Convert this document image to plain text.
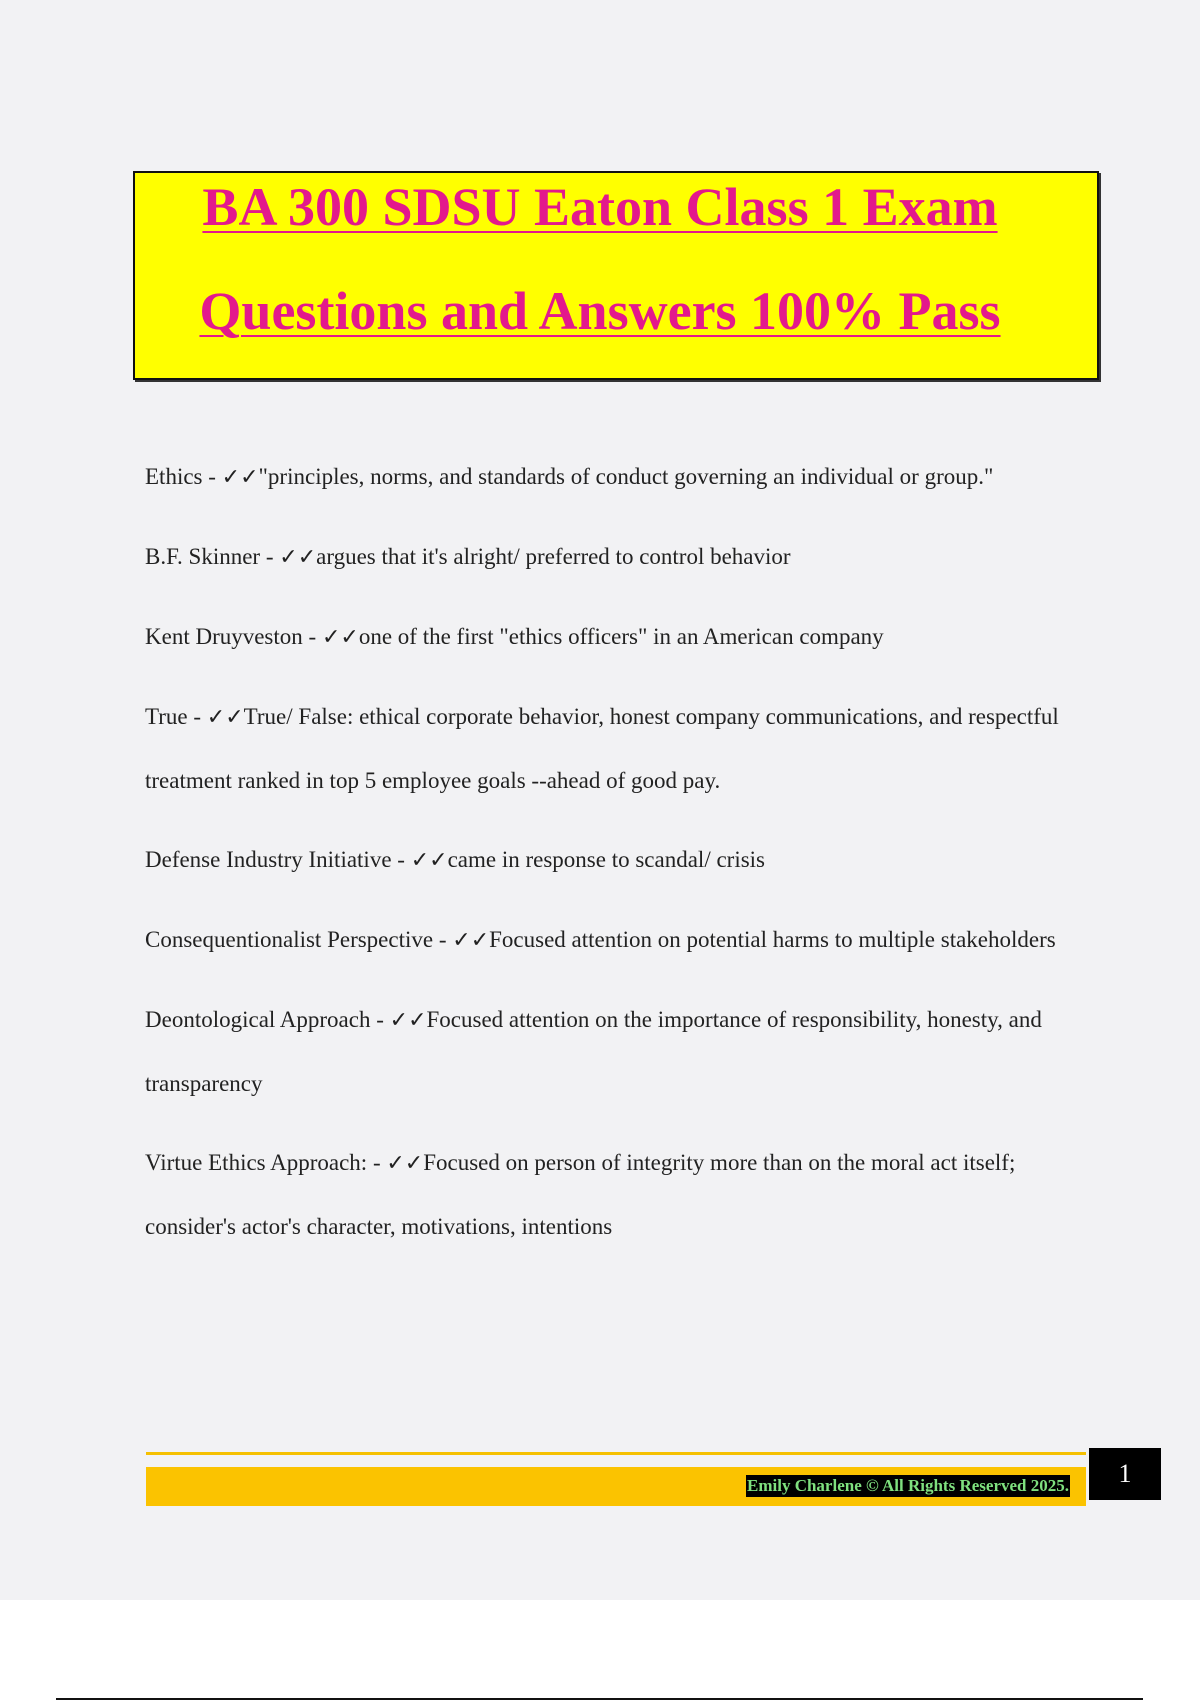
BA 300 SDSU Eaton Class 1 Exam
Questions and Answers 100% Pass

Ethics - ✓✓"principles, norms, and standards of conduct governing an individual or group."

B.F. Skinner - ✓✓argues that it's alright/ preferred to control behavior

Kent Druyveston - ✓✓one of the first "ethics officers" in an American company

True - ✓✓True/ False: ethical corporate behavior, honest company communications, and respectful treatment ranked in top 5 employee goals --ahead of good pay.

Defense Industry Initiative - ✓✓came in response to scandal/ crisis

Consequentionalist Perspective - ✓✓Focused attention on potential harms to multiple stakeholders

Deontological Approach - ✓✓Focused attention on the importance of responsibility, honesty, and transparency

Virtue Ethics Approach: - ✓✓Focused on person of integrity more than on the moral act itself; consider's actor's character, motivations, intentions

Emily Charlene © All Rights Reserved 2025.	1
